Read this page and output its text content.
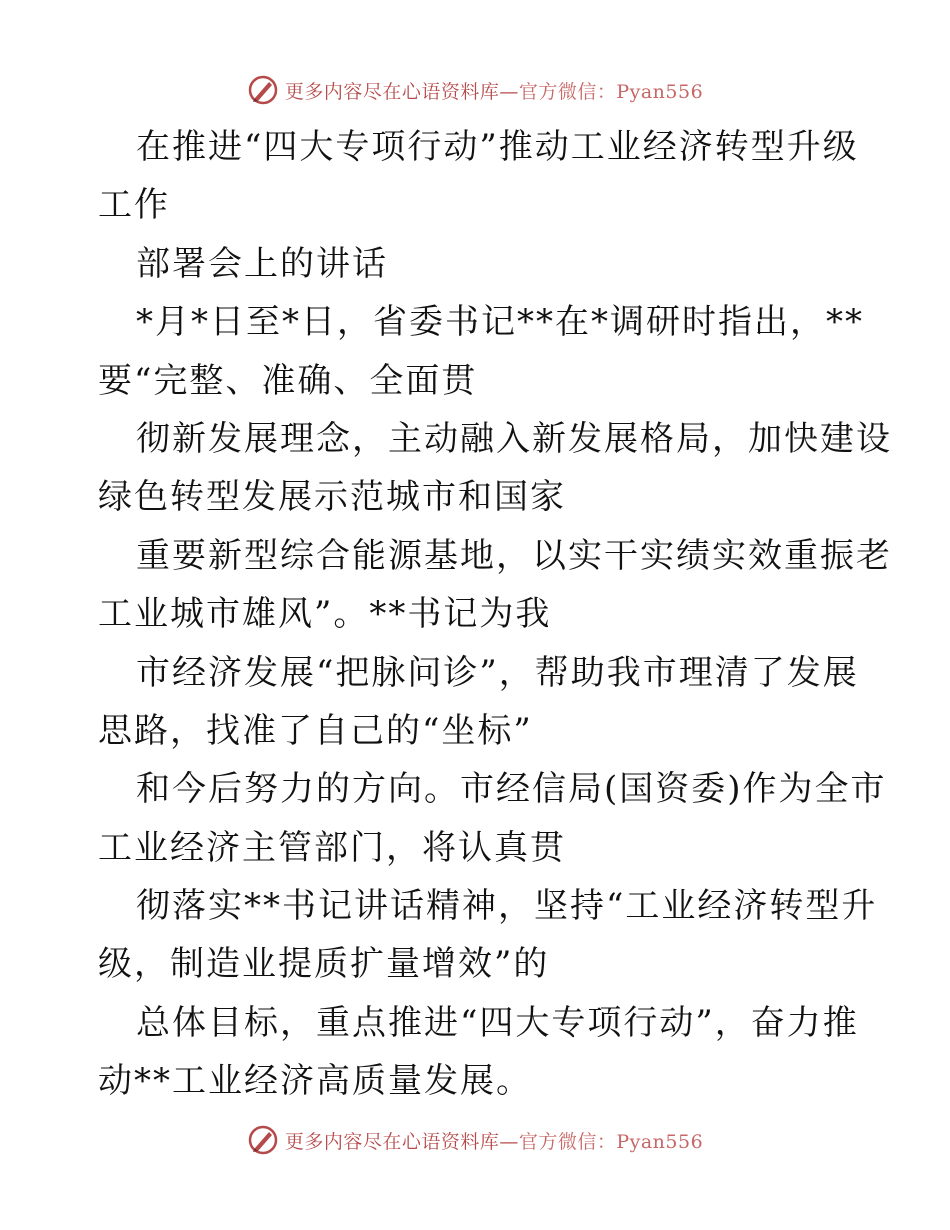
更多内容尽在心语资料库—官方微信：Pyan556
在推进“四大专项行动”推动工业经济转型升级
工作
部署会上的讲话
*月*日至*日，省委书记**在*调研时指出，**
要“完整、准确、全面贯
彻新发展理念，主动融入新发展格局，加快建设
绿色转型发展示范城市和国家
重要新型综合能源基地，以实干实绩实效重振老
工业城市雄风”。**书记为我
市经济发展“把脉问诊”，帮助我市理清了发展
思路，找准了自己的“坐标”
和今后努力的方向。市经信局(国资委)作为全市
工业经济主管部门，将认真贯
彻落实**书记讲话精神，坚持“工业经济转型升
级，制造业提质扩量增效”的
总体目标，重点推进“四大专项行动”，奋力推
动**工业经济高质量发展。
更多内容尽在心语资料库—官方微信：Pyan556
